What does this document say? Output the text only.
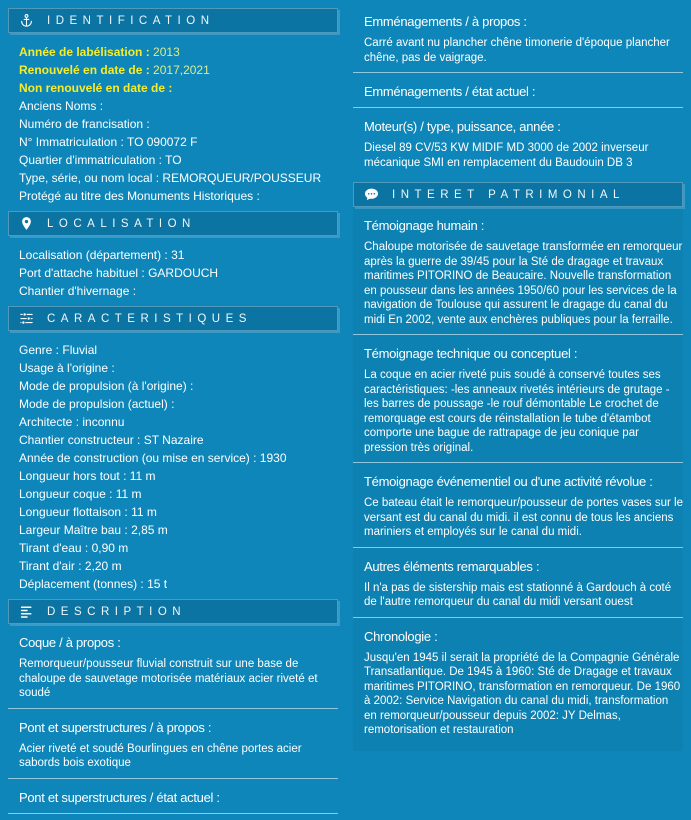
IDENTIFICATION

Année de labélisation : 2013

Renouvelé en date de : 2017,2021

Non renouvelé en date de :

Anciens Noms :

Numéro de francisation :

N° Immatriculation : TO 090072 F

Quartier d'immatriculation : TO

Type, série, ou nom local : REMORQUEUR/POUSSEUR

Protégé au titre des Monuments Historiques :

LOCALISATION

Localisation (département) : 31

Port d'attache habituel : GARDOUCH

Chantier d'hivernage :

CARACTÉRISTIQUES

Genre : Fluvial

Usage à l'origine :

Mode de propulsion (à l'origine) :

Mode de propulsion (actuel) :

Architecte : inconnu

Chantier constructeur : ST Nazaire

Année de construction (ou mise en service) : 1930

Longueur hors tout : 11 m

Longueur coque : 11 m

Longueur flottaison : 11 m

Largeur Maître bau : 2,85 m

Tirant d'eau : 0,90 m

Tirant d'air : 2,20 m

Déplacement (tonnes) : 15 t

DESCRIPTION
Coque / à propos :

Remorqueur/pousseur fluvial construit sur une base de chaloupe de sauvetage motorisée matériaux acier riveté et soudé

Pont et superstructures / à propos :

Acier riveté et soudé Bourlingues en chêne portes acier sabords bois exotique

Pont et superstructures / état actuel :

Emménagements / à propos :

Carré avant nu plancher chêne timonerie d'époque plancher chêne, pas de vaigrage.

Emménagements / état actuel :

Moteur(s) / type, puissance, année :

Diesel 89 CV/53 KW MIDIF MD 3000 de 2002 inverseur mécanique SMI en remplacement du Baudouin DB 3

INTÉRÊT PATRIMONIAL
Témoignage humain :

Chaloupe motorisée de sauvetage transformée en remorqueur après la guerre de 39/45 pour la Sté de dragage et travaux maritimes PITORINO de Beaucaire. Nouvelle transformation en pousseur dans les années 1950/60 pour les services de la navigation de Toulouse qui assurent le dragage du canal du midi En 2002, vente aux enchères publiques pour la ferraille.

Témoignage technique ou conceptuel :

La coque en acier riveté puis soudé à conservé toutes ses caractéristiques: -les anneaux rivetés intérieurs de grutage -les barres de poussage -le rouf démontable Le crochet de remorquage est cours de réinstallation le tube d'étambot comporte une bague de rattrapage de jeu conique par pression très original.

Témoignage événementiel ou d'une activité révolue :

Ce bateau était le remorqueur/pousseur de portes vases sur le versant est du canal du midi. il est connu de tous les anciens mariniers et employés sur le canal du midi.

Autres éléments remarquables :

Il n'a pas de sistership mais est stationné à Gardouch à coté de l'autre remorqueur du canal du midi versant ouest

Chronologie :

Jusqu'en 1945 il serait la propriété de la Compagnie Générale Transatlantique. De 1945 à 1960: Sté de Dragage et travaux maritimes PITORINO, transformation en remorqueur. De 1960 à 2002: Service Navigation du canal du midi, transformation en remorqueur/pousseur depuis 2002: JY Delmas, remotorisation et restauration
